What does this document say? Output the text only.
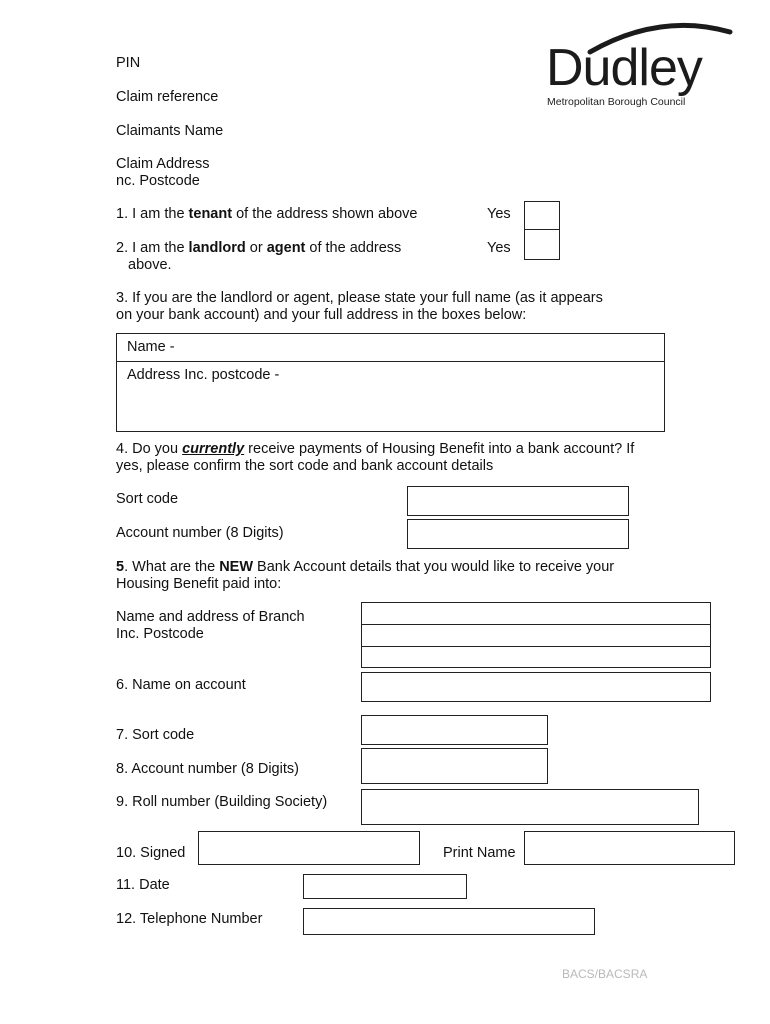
PIN
Claim reference
Claimants Name
Claim Address
nc. Postcode
Dudley
Metropolitan Borough Council
1. I am the tenant of the address shown above	Yes
2. I am the landlord or agent of the address
above.
Yes
3. If you are the landlord or agent, please state your full name (as it appears
on your bank account) and your full address in the boxes below:
Name -
Address Inc. postcode -
4. Do you currently receive payments of Housing Benefit into a bank account? If
yes, please confirm the sort code and bank account details
Sort code
Account number (8 Digits)
5. What are the NEW Bank Account details that you would like to receive your
Housing Benefit paid into:
Name and address of Branch
Inc. Postcode
6. Name on account
7. Sort code
8. Account number (8 Digits)
9. Roll number (Building Society)
10. Signed	Print Name
11. Date
12. Telephone Number
BACS/BACSRA
